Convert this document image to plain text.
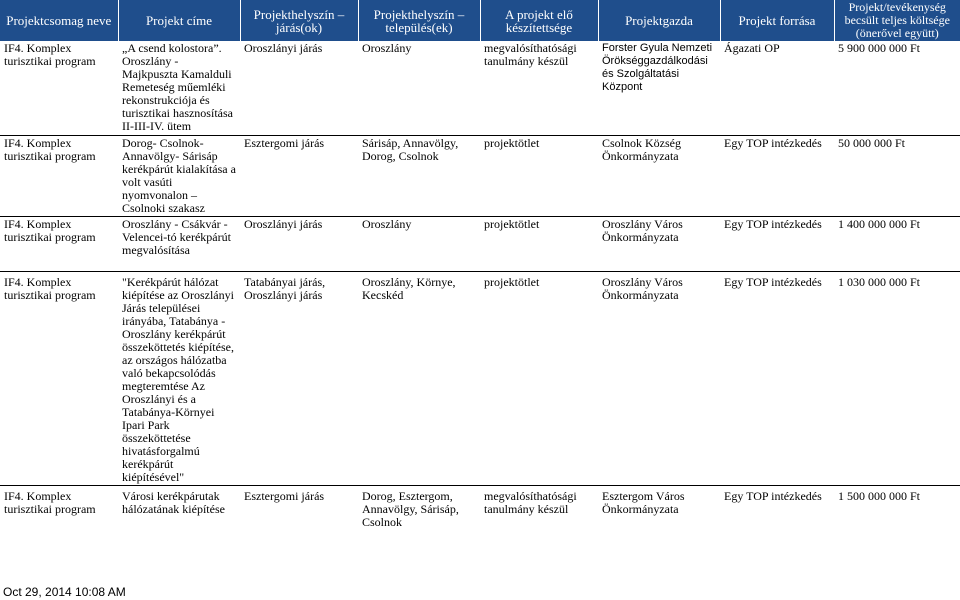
Projektcsomag neve	Projekt címe	Projekthelyszín – járás(ok)	Projekthelyszín – település(ek)	A projekt elő készítettsége	Projektgazda	Projekt forrása	Projekt/tevékenység becsült teljes költsége (önerővel együtt)
IF4. Komplex turisztikai program	„A csend kolostora”. Oroszlány - Majkpuszta Kamalduli Remeteség műemléki rekonstrukciója és turisztikai hasznosítása II-III-IV. ütem	Oroszlányi járás	Oroszlány	megvalósíthatósági tanulmány készül	Forster Gyula Nemzeti Örökséggazdálkodási és Szolgáltatási Központ	Ágazati OP	5 900 000 000 Ft
IF4. Komplex turisztikai program	Dorog- Csolnok- Annavölgy- Sárisáp kerékpárút kialakítása a volt vasúti nyomvonalon – Csolnoki szakasz	Esztergomi járás	Sárisáp, Annavölgy, Dorog, Csolnok	projektötlet	Csolnok Község Önkormányzata	Egy TOP intézkedés	50 000 000 Ft
IF4. Komplex turisztikai program	Oroszlány - Csákvár - Velencei-tó kerékpárút megvalósítása	Oroszlányi járás	Oroszlány	projektötlet	Oroszlány Város Önkormányzata	Egy TOP intézkedés	1 400 000 000 Ft
IF4. Komplex turisztikai program	"Kerékpárút hálózat kiépítése az Oroszlányi Járás települései irányába, Tatabánya - Oroszlány kerékpárút összeköttetés kiépítése, az országos hálózatba való bekapcsolódás megteremtése Az Oroszlányi és a Tatabánya-Környei Ipari Park összeköttetése hivatásforgalmú kerékpárút kiépítésével"	Tatabányai járás, Oroszlányi járás	Oroszlány, Környe, Kecskéd	projektötlet	Oroszlány Város Önkormányzata	Egy TOP intézkedés	1 030 000 000 Ft
IF4. Komplex turisztikai program	Városi kerékpárutak hálózatának kiépítése	Esztergomi járás	Dorog, Esztergom, Annavölgy, Sárisáp, Csolnok	megvalósíthatósági tanulmány készül	Esztergom Város Önkormányzata	Egy TOP intézkedés	1 500 000 000 Ft
Oct 29, 2014 10:08 AM
